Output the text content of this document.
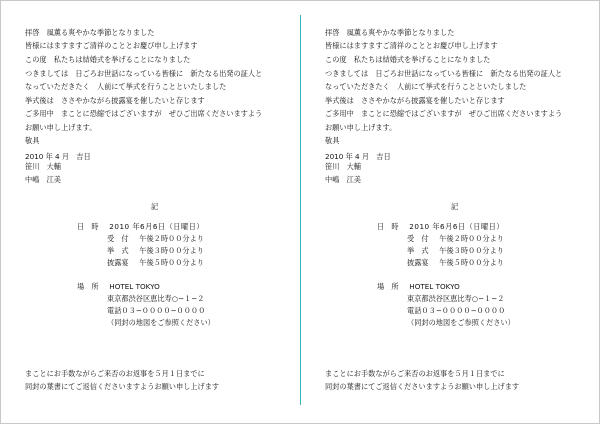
拝啓　風薫る爽やかな季節となりました
皆様にはますますご清祥のこととお慶び申し上げます
この度　私たちは結婚式を挙げることになりました
つきましては　日ごろお世話になっている皆様に　新たなる出発の証人と
なっていただきたく　人前にて挙式を行うことといたしました
挙式後は　ささやかながら披露宴を催したいと存じます
ご多用中　まことに恐縮ではございますが　ぜひご出席くださいますよう
お願い申し上げます。
敬具
2010 年 4 月　吉日
笹川　大輔
中嶋　江美
記
日　時 2010 年6月6日（日曜日）
受　付 午後２時００分より
挙　式 午後３時００分より
披露宴 午後５時００分より
場　所 HOTEL TOKYO
東京都渋谷区恵比寿○−１−２
電話０３−００００−００００
（同封の地図をご参照ください）
まことにお手数ながらご来否のお返事を５月１日までに
同封の葉書にてご返信くださいますようお願い申し上げます
拝啓　風薫る爽やかな季節となりました
皆様にはますますご清祥のこととお慶び申し上げます
この度　私たちは結婚式を挙げることになりました
つきましては　日ごろお世話になっている皆様に　新たなる出発の証人と
なっていただきたく　人前にて挙式を行うことといたしました
挙式後は　ささやかながら披露宴を催したいと存じます
ご多用中　まことに恐縮ではございますが　ぜひご出席くださいますよう
お願い申し上げます。
敬具
2010 年 4 月　吉日
笹川　大輔
中嶋　江美
記
日　時 2010 年6月6日（日曜日）
受　付 午後２時００分より
挙　式 午後３時００分より
披露宴 午後５時００分より
場　所 HOTEL TOKYO
東京都渋谷区恵比寿○−１−２
電話０３−００００−００００
（同封の地図をご参照ください）
まことにお手数ながらご来否のお返事を５月１日までに
同封の葉書にてご返信くださいますようお願い申し上げます
